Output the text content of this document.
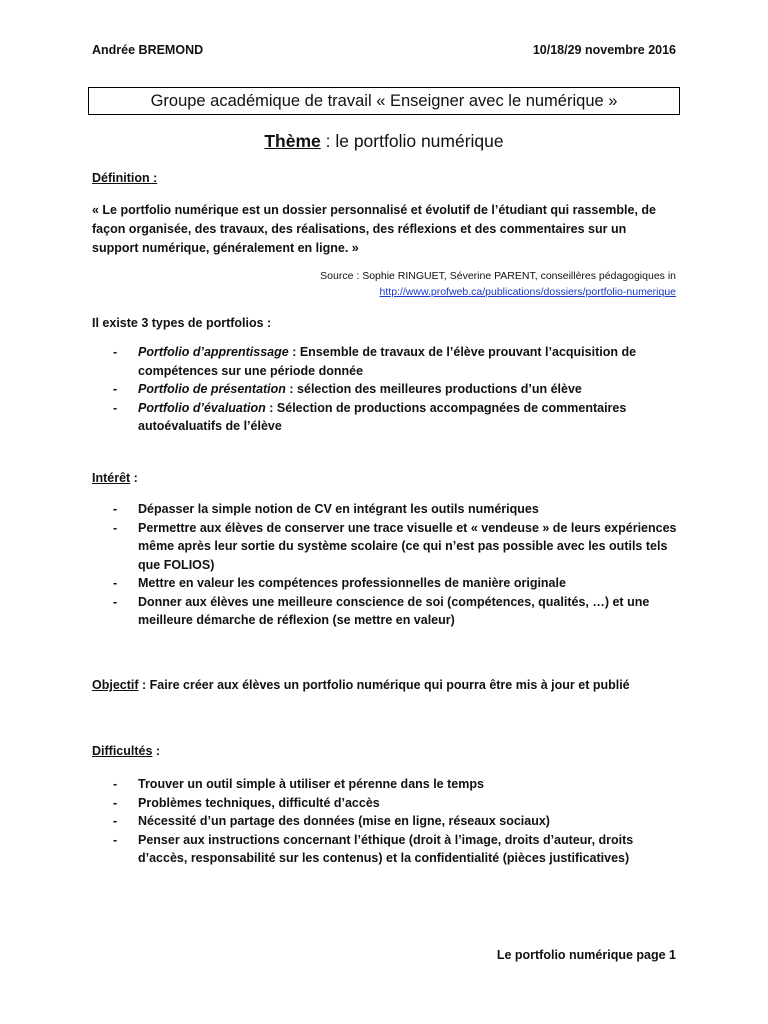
Andrée BREMOND	10/18/29 novembre 2016
Groupe académique de travail « Enseigner avec le numérique »
Thème : le portfolio numérique
Définition :
« Le portfolio numérique est un dossier personnalisé et évolutif de l’étudiant qui rassemble, de façon organisée, des travaux, des réalisations, des réflexions et des commentaires sur un support numérique, généralement en ligne. »
Source : Sophie RINGUET, Séverine PARENT, conseillères pédagogiques in
http://www.profweb.ca/publications/dossiers/portfolio-numerique
Il existe 3 types de portfolios :
- Portfolio d’apprentissage : Ensemble de travaux de l’élève prouvant l’acquisition de compétences sur une période donnée
- Portfolio de présentation : sélection des meilleures productions d’un élève
- Portfolio d’évaluation : Sélection de productions accompagnées de commentaires autoévaluatifs de l’élève
Intérêt :
- Dépasser la simple notion de CV en intégrant les outils numériques
- Permettre aux élèves de conserver une trace visuelle et « vendeuse » de leurs expériences même après leur sortie du système scolaire (ce qui n’est pas possible avec les outils tels que FOLIOS)
- Mettre en valeur les compétences professionnelles de manière originale
- Donner aux élèves une meilleure conscience de soi (compétences, qualités, …) et une meilleure démarche de réflexion (se mettre en valeur)
Objectif : Faire créer aux élèves un portfolio numérique qui pourra être mis à jour et publié
Difficultés :
- Trouver un outil simple à utiliser et pérenne dans le temps
- Problèmes techniques, difficulté d’accès
- Nécessité d’un partage des données (mise en ligne, réseaux sociaux)
- Penser aux instructions concernant l’éthique (droit à l’image, droits d’auteur, droits d’accès, responsabilité sur les contenus) et la confidentialité (pièces justificatives)
Le portfolio numérique page 1
